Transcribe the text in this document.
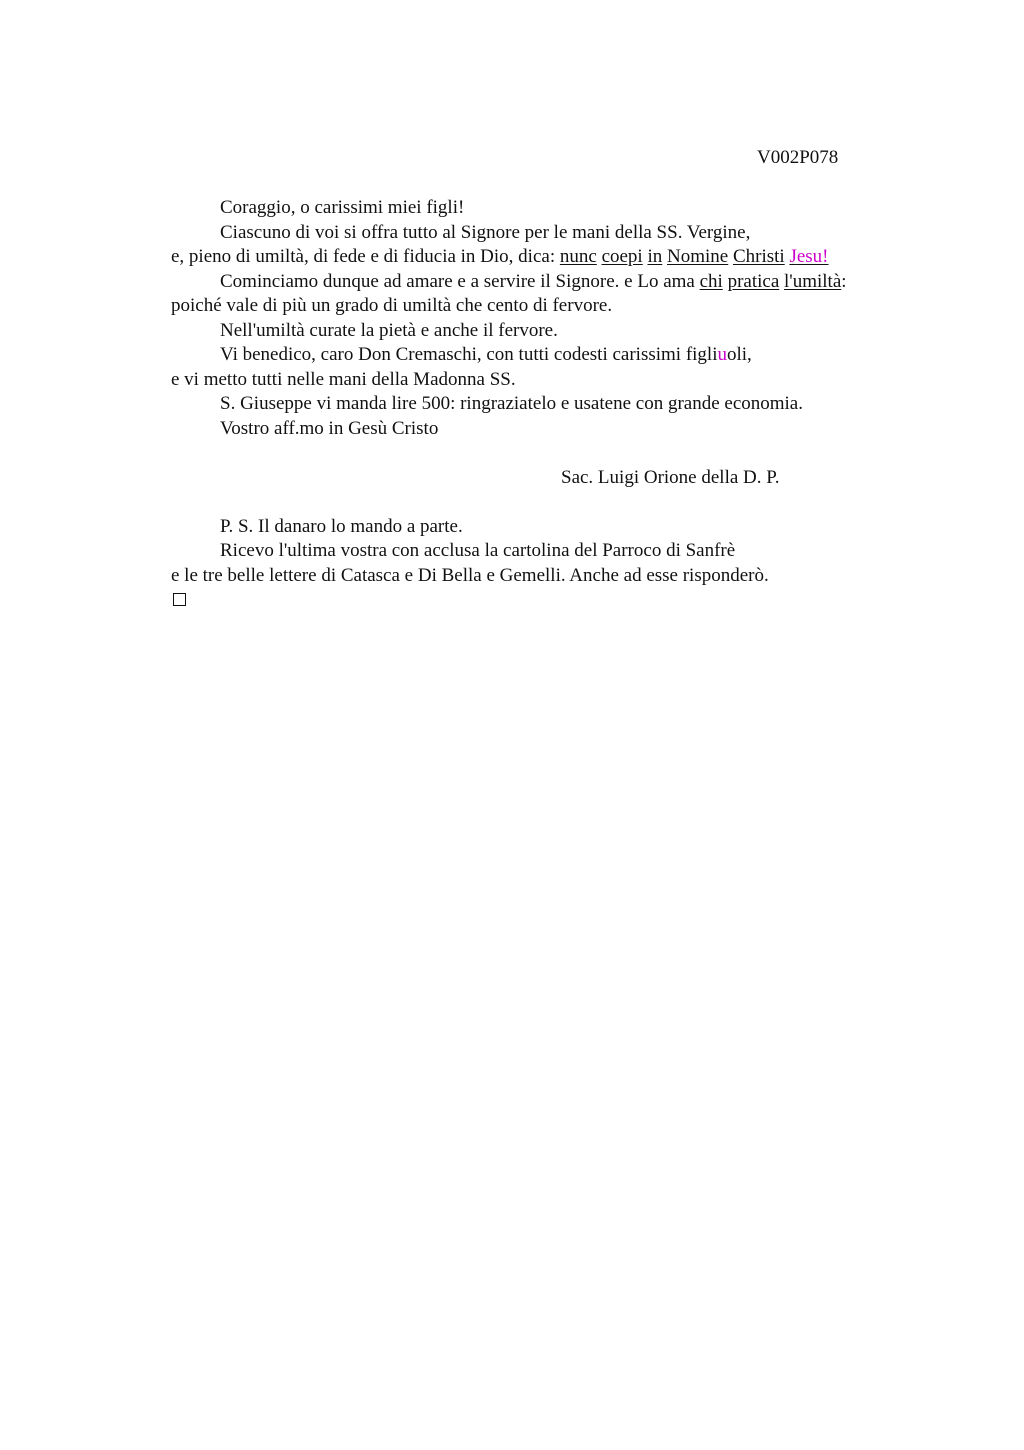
V002P078
Coraggio, o carissimi miei figli!
Ciascuno di voi si offra tutto al Signore per le mani della SS. Vergine,
e, pieno di umiltà, di fede e di fiducia in Dio, dica: nunc coepi in Nomine Christi Jesu!
Cominciamo dunque ad amare e a servire il Signore. e Lo ama chi pratica l'umiltà:
poiché vale di più un grado di umiltà che cento di fervore.
Nell'umiltà curate la pietà e anche il fervore.
Vi benedico, caro Don Cremaschi, con tutti codesti carissimi figliuoli,
e vi metto tutti nelle mani della Madonna SS.
S. Giuseppe vi manda lire 500: ringraziatelo e usatene con grande economia.
Vostro aff.mo in Gesù Cristo
Sac. Luigi Orione della D. P.
P. S. Il danaro lo mando a parte.
Ricevo l'ultima vostra con acclusa la cartolina del Parroco di Sanfrè
e le tre belle lettere di Catasca e Di Bella e Gemelli. Anche ad esse risponderò.
